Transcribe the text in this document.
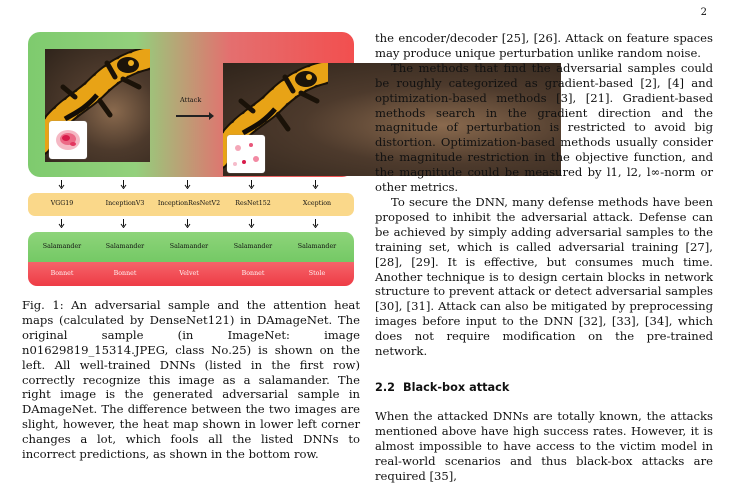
2
Attack
VGG19	InceptionV3	InceptionResNetV2	ResNet152	Xception
Salamander	Salamander	Salamander	Salamander	Salamander
Bonnet	Bonnet	Velvet	Bonnet	Stole
Fig. 1: An adversarial sample and the attention heat maps (calculated by DenseNet121) in DAmageNet. The original sample (in ImageNet: image n01629819_15314.JPEG, class No.25) is shown on the left. All well-trained DNNs (listed in the first row) correctly recognize this image as a salamander. The right image is the generated adversarial sample in DAmageNet. The difference between the two images are slight, however, the heat map shown in lower left corner changes a lot, which fools all the listed DNNs to incorrect predictions, as shown in the bottom row.

the encoder/decoder [25], [26]. Attack on feature spaces may produce unique perturbation unlike random noise.

The methods that find the adversarial samples could be roughly categorized as gradient-based [2], [4] and optimization-based methods [3], [21]. Gradient-based methods search in the gradient direction and the magnitude of perturbation is restricted to avoid big distortion. Optimization-based methods usually consider the magnitude restriction in the objective function, and the magnitude could be measured by l1, l2, l∞-norm or other metrics.

To secure the DNN, many defense methods have been proposed to inhibit the adversarial attack. Defense can be achieved by simply adding adversarial samples to the training set, which is called adversarial training [27], [28], [29]. It is effective, but consumes much time. Another technique is to design certain blocks in network structure to prevent attack or detect adversarial samples [30], [31]. Attack can also be mitigated by preprocessing images before input to the DNN [32], [33], [34], which does not require modification on the pre-trained network.

2.2 Black-box attack
When the attacked DNNs are totally known, the attacks mentioned above have high success rates. However, it is almost impossible to have access to the victim model in real-world scenarios and thus black-box attacks are required [35],
